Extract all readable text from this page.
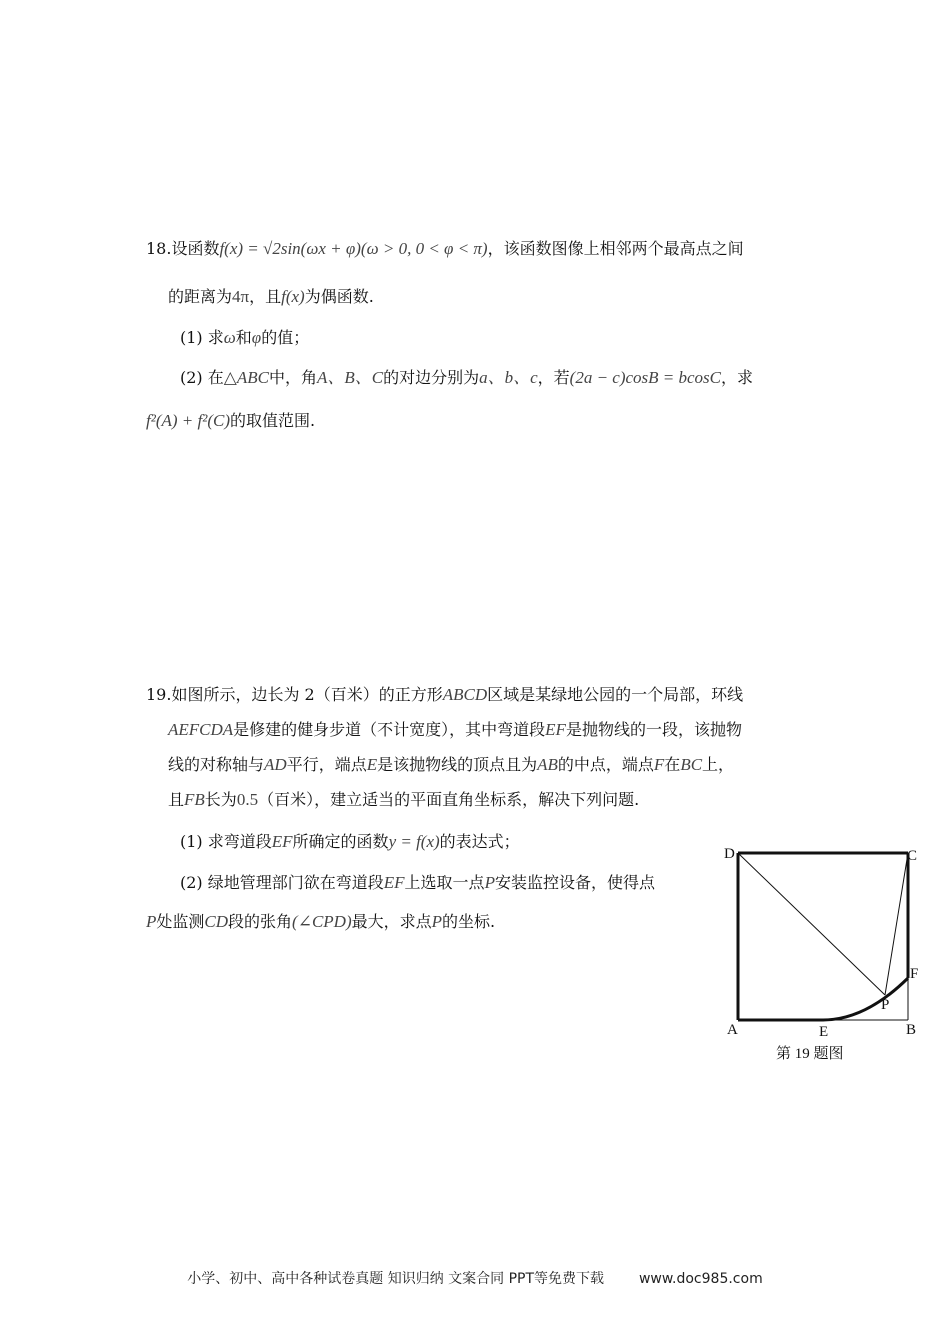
18.设函数f(x) = √2sin(ωx + φ)(ω > 0, 0 < φ < π)，该函数图像上相邻两个最高点之间
的距离为4π，且f(x)为偶函数.
(1) 求ω和φ的值；
(2) 在△ABC中，角A、B、C的对边分别为a、b、c，若(2a − c)cosB = bcosC，求
f²(A) + f²(C)的取值范围.
19.如图所示，边长为 2（百米）的正方形ABCD区域是某绿地公园的一个局部，环线
AEFCDA是修建的健身步道（不计宽度），其中弯道段EF是抛物线的一段，该抛物
线的对称轴与AD平行，端点E是该抛物线的顶点且为AB的中点，端点F在BC上，
且FB长为0.5（百米），建立适当的平面直角坐标系，解决下列问题.
(1) 求弯道段EF所确定的函数y = f(x)的表达式；
(2) 绿地管理部门欲在弯道段EF上选取一点P安装监控设备，使得点
P处监测CD段的张角(∠CPD)最大，求点P的坐标.
D	C
A	E	B
F
P
第 19 题图
小学、初中、高中各种试卷真题 知识归纳 文案合同 PPT等免费下载 www.doc985.com
